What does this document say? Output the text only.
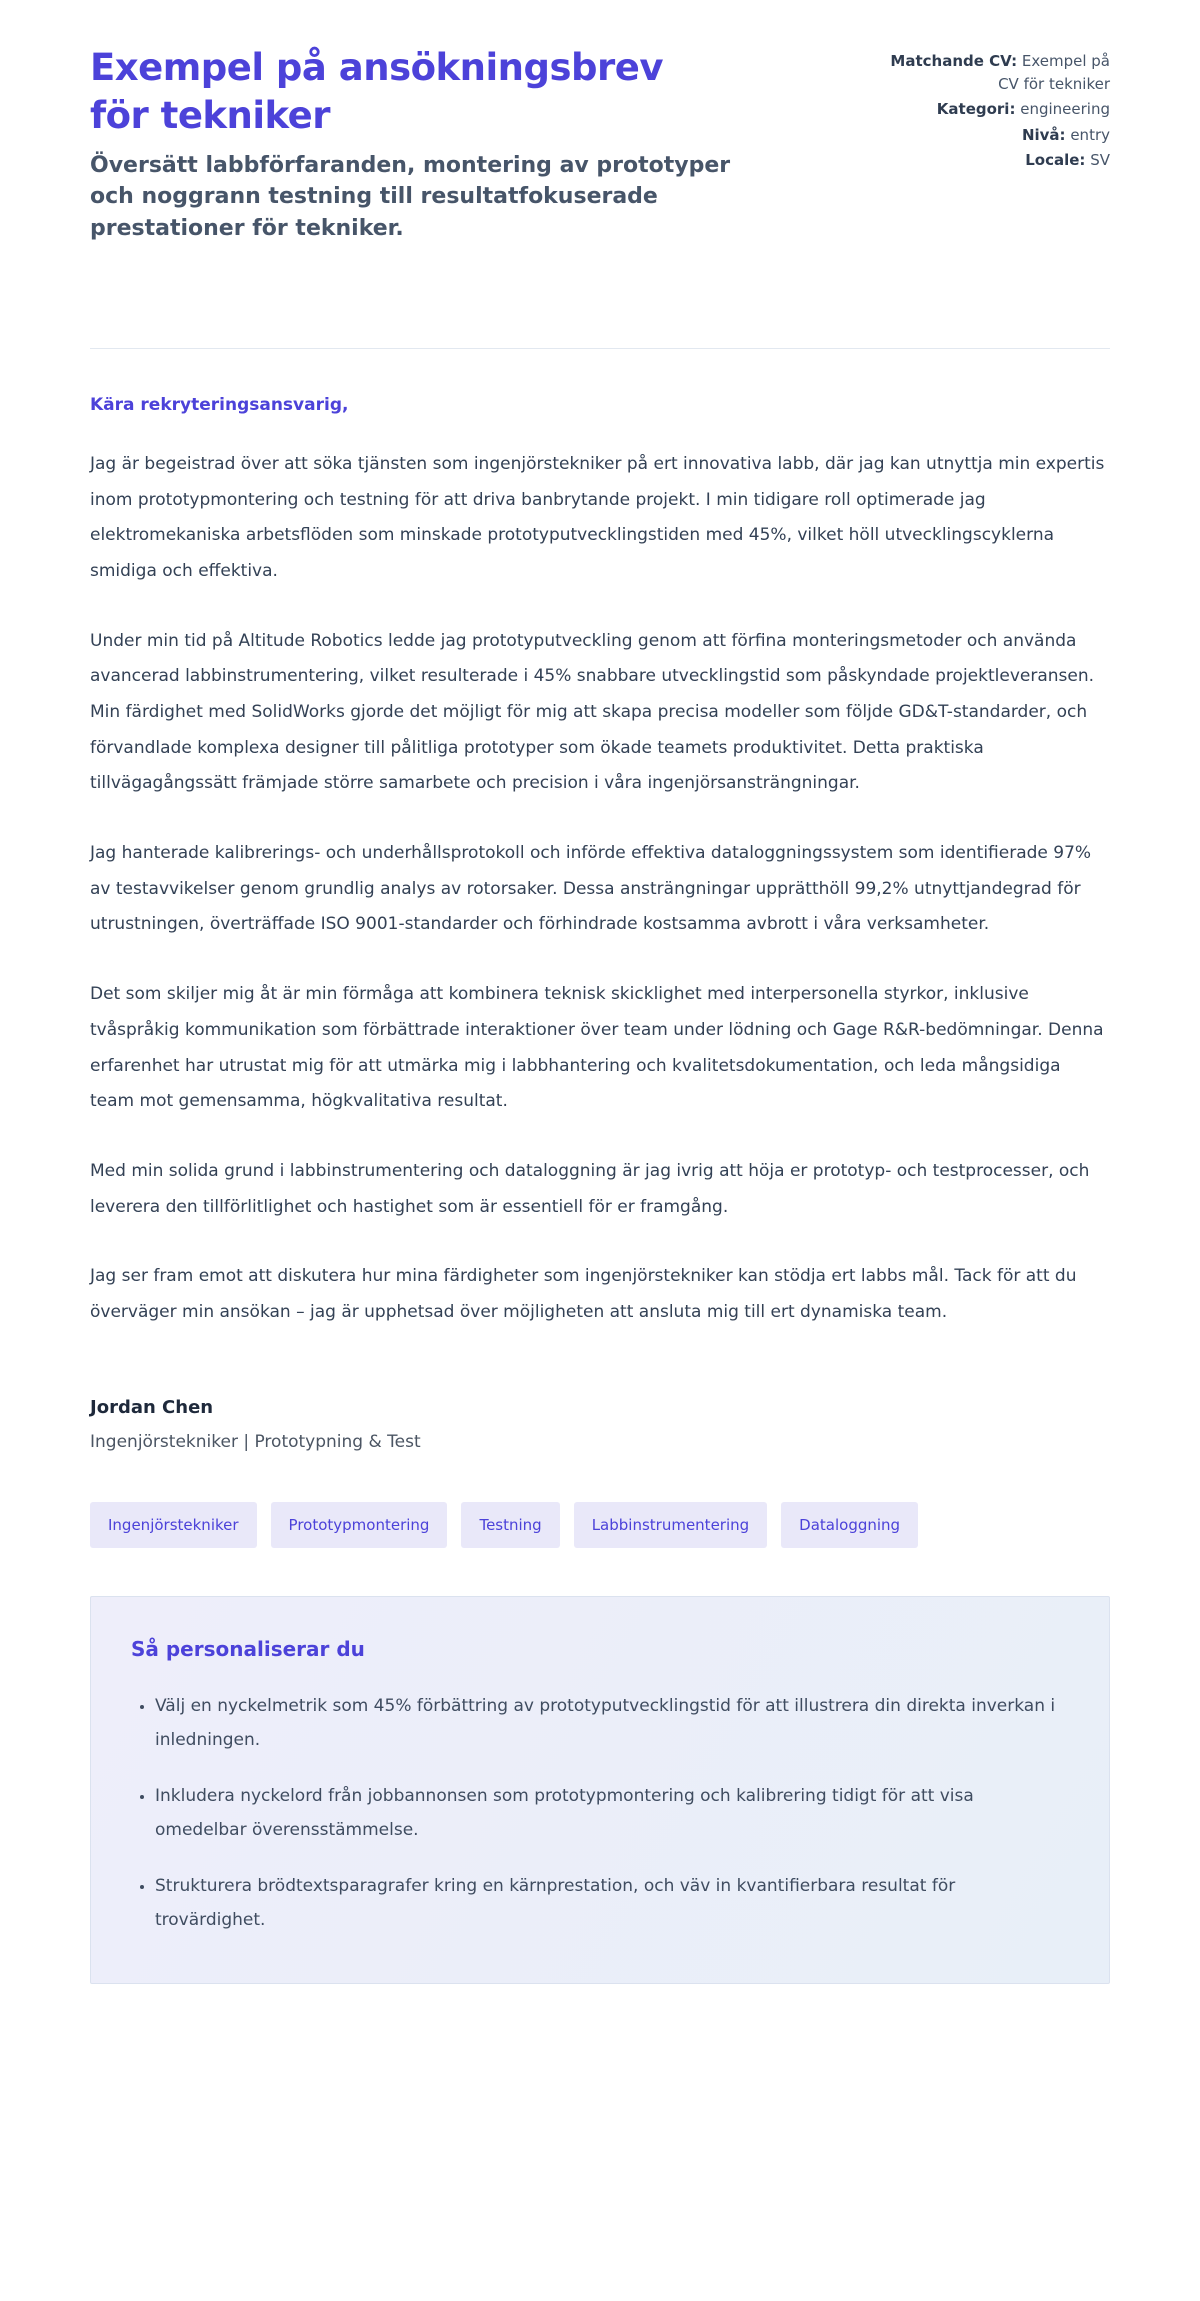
Exempel på ansökningsbrev för tekniker
Översätt labbförfaranden, montering av prototyper och noggrann testning till resultatfokuserade prestationer för tekniker.
Matchande CV: Exempel på CV för tekniker
Kategori: engineering
Nivå: entry
Locale: SV
Kära rekryteringsansvarig,

Jag är begeistrad över att söka tjänsten som ingenjörstekniker på ert innovativa labb, där jag kan utnyttja min expertis inom prototypmontering och testning för att driva banbrytande projekt. I min tidigare roll optimerade jag elektromekaniska arbetsflöden som minskade prototyputvecklingstiden med 45%, vilket höll utvecklingscyklerna smidiga och effektiva.

Under min tid på Altitude Robotics ledde jag prototyputveckling genom att förfina monteringsmetoder och använda avancerad labbinstrumentering, vilket resulterade i 45% snabbare utvecklingstid som påskyndade projektleveransen. Min färdighet med SolidWorks gjorde det möjligt för mig att skapa precisa modeller som följde GD&T-standarder, och förvandlade komplexa designer till pålitliga prototyper som ökade teamets produktivitet. Detta praktiska tillvägagångssätt främjade större samarbete och precision i våra ingenjörsansträngningar.

Jag hanterade kalibrerings- och underhållsprotokoll och införde effektiva dataloggningssystem som identifierade 97% av testavvikelser genom grundlig analys av rotorsaker. Dessa ansträngningar upprätthöll 99,2% utnyttjandegrad för utrustningen, överträffade ISO 9001-standarder och förhindrade kostsamma avbrott i våra verksamheter.

Det som skiljer mig åt är min förmåga att kombinera teknisk skicklighet med interpersonella styrkor, inklusive tvåspråkig kommunikation som förbättrade interaktioner över team under lödning och Gage R&R-bedömningar. Denna erfarenhet har utrustat mig för att utmärka mig i labbhantering och kvalitetsdokumentation, och leda mångsidiga team mot gemensamma, högkvalitativa resultat.

Med min solida grund i labbinstrumentering och dataloggning är jag ivrig att höja er prototyp- och testprocesser, och leverera den tillförlitlighet och hastighet som är essentiell för er framgång.

Jag ser fram emot att diskutera hur mina färdigheter som ingenjörstekniker kan stödja ert labbs mål. Tack för att du överväger min ansökan – jag är upphetsad över möjligheten att ansluta mig till ert dynamiska team.

Jordan Chen
Ingenjörstekniker | Prototypning & Test
Ingenjörstekniker	Prototypmontering	Testning	Labbinstrumentering	Dataloggning
Så personaliserar du
• Välj en nyckelmetrik som 45% förbättring av prototyputvecklingstid för att illustrera din direkta inverkan i inledningen.
• Inkludera nyckelord från jobbannonsen som prototypmontering och kalibrering tidigt för att visa omedelbar överensstämmelse.
• Strukturera brödtextsparagrafer kring en kärnprestation, och väv in kvantifierbara resultat för trovärdighet.
